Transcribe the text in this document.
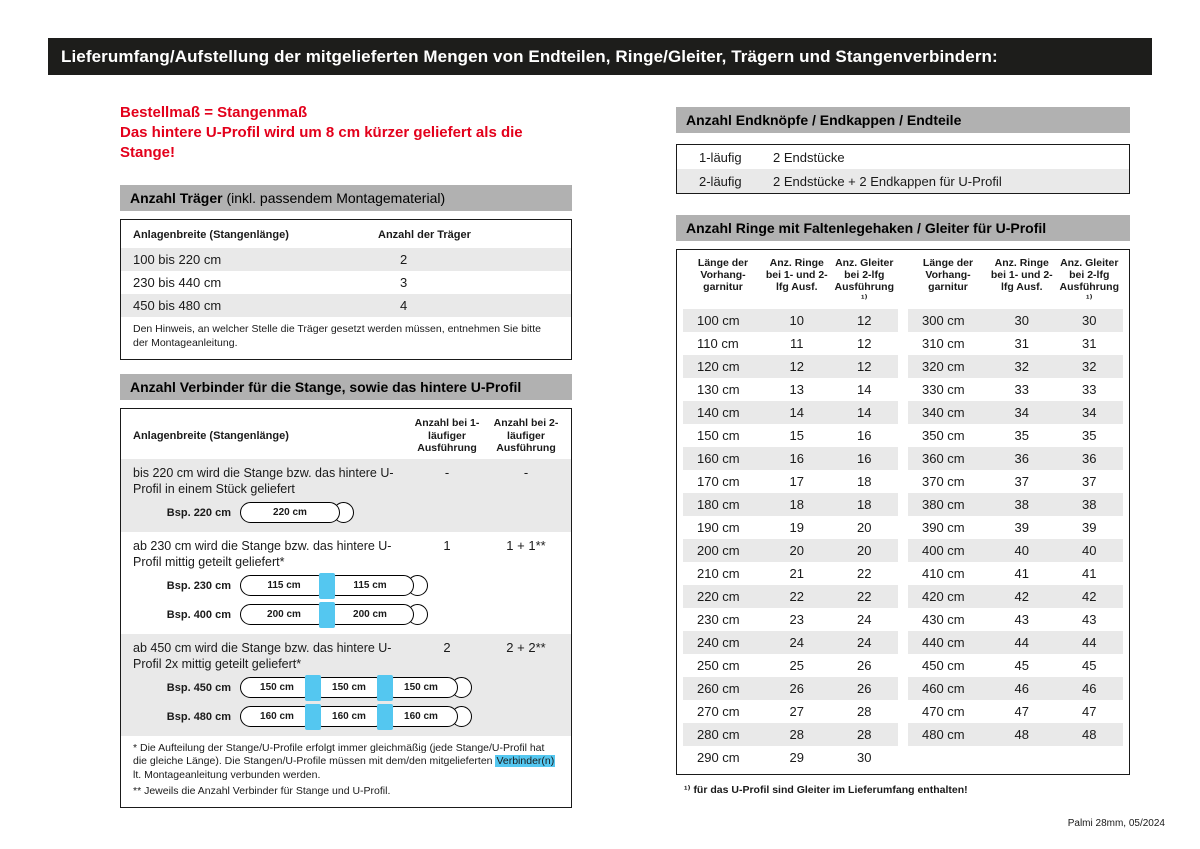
Lieferumfang/Aufstellung der mitgelieferten Mengen von Endteilen, Ringe/Gleiter, Trägern und Stangenverbindern:
Bestellmaß = Stangenmaß
Das hintere U-Profil wird um 8 cm kürzer geliefert als die Stange!
Anzahl Träger (inkl. passendem Montagematerial)
Anlagenbreite (Stangenlänge)	Anzahl der Träger
100 bis 220 cm	2
230 bis 440 cm	3
450 bis 480 cm	4
Den Hinweis, an welcher Stelle die Träger gesetzt werden müssen, entnehmen Sie bitte der Montageanleitung.
Anzahl Verbinder für die Stange, sowie das hintere U-Profil
Anlagenbreite (Stangenlänge)
Anzahl bei 1-läufiger Ausführung
Anzahl bei 2-läufiger Ausführung
bis 220 cm wird die Stange bzw. das hintere U-Profil in einem Stück geliefert
-	-
Bsp. 220 cm	220 cm
ab 230 cm wird die Stange bzw. das hintere U-Profil mittig geteilt geliefert*
1	1 + 1**
Bsp. 230 cm	115 cm	115 cm
Bsp. 400 cm	200 cm	200 cm
ab 450 cm wird die Stange bzw. das hintere U-Profil 2x mittig geteilt geliefert*
2	2 + 2**
Bsp. 450 cm	150 cm	150 cm	150 cm
Bsp. 480 cm	160 cm	160 cm	160 cm
* Die Aufteilung der Stange/U-Profile erfolgt immer gleichmäßig (jede Stange/U-Profil hat die gleiche Länge). Die Stangen/U-Profile müssen mit dem/den mitgelieferten Verbinder(n) lt. Montageanleitung verbunden werden.
** Jeweils die Anzahl Verbinder für Stange und U-Profil.
Anzahl Endknöpfe / Endkappen / Endteile
1-läufig	2 Endstücke
2-läufig	2 Endstücke + 2 Endkappen für U-Profil
Anzahl Ringe mit Faltenlegehaken / Gleiter für U-Profil
Länge der Vorhang-garnitur
Anz. Ringe bei 1- und 2-lfg Ausf.
Anz. Gleiter bei 2-lfg Ausführung ¹⁾
100 cm	10	12
110 cm	11	12
120 cm	12	12
130 cm	13	14
140 cm	14	14
150 cm	15	16
160 cm	16	16
170 cm	17	18
180 cm	18	18
190 cm	19	20
200 cm	20	20
210 cm	21	22
220 cm	22	22
230 cm	23	24
240 cm	24	24
250 cm	25	26
260 cm	26	26
270 cm	27	28
280 cm	28	28
290 cm	29	30
Länge der Vorhang-garnitur
Anz. Ringe bei 1- und 2-lfg Ausf.
Anz. Gleiter bei 2-lfg Ausführung ¹⁾
300 cm	30	30
310 cm	31	31
320 cm	32	32
330 cm	33	33
340 cm	34	34
350 cm	35	35
360 cm	36	36
370 cm	37	37
380 cm	38	38
390 cm	39	39
400 cm	40	40
410 cm	41	41
420 cm	42	42
430 cm	43	43
440 cm	44	44
450 cm	45	45
460 cm	46	46
470 cm	47	47
480 cm	48	48
¹⁾ für das U-Profil sind Gleiter im Lieferumfang enthalten!
Palmi 28mm, 05/2024
